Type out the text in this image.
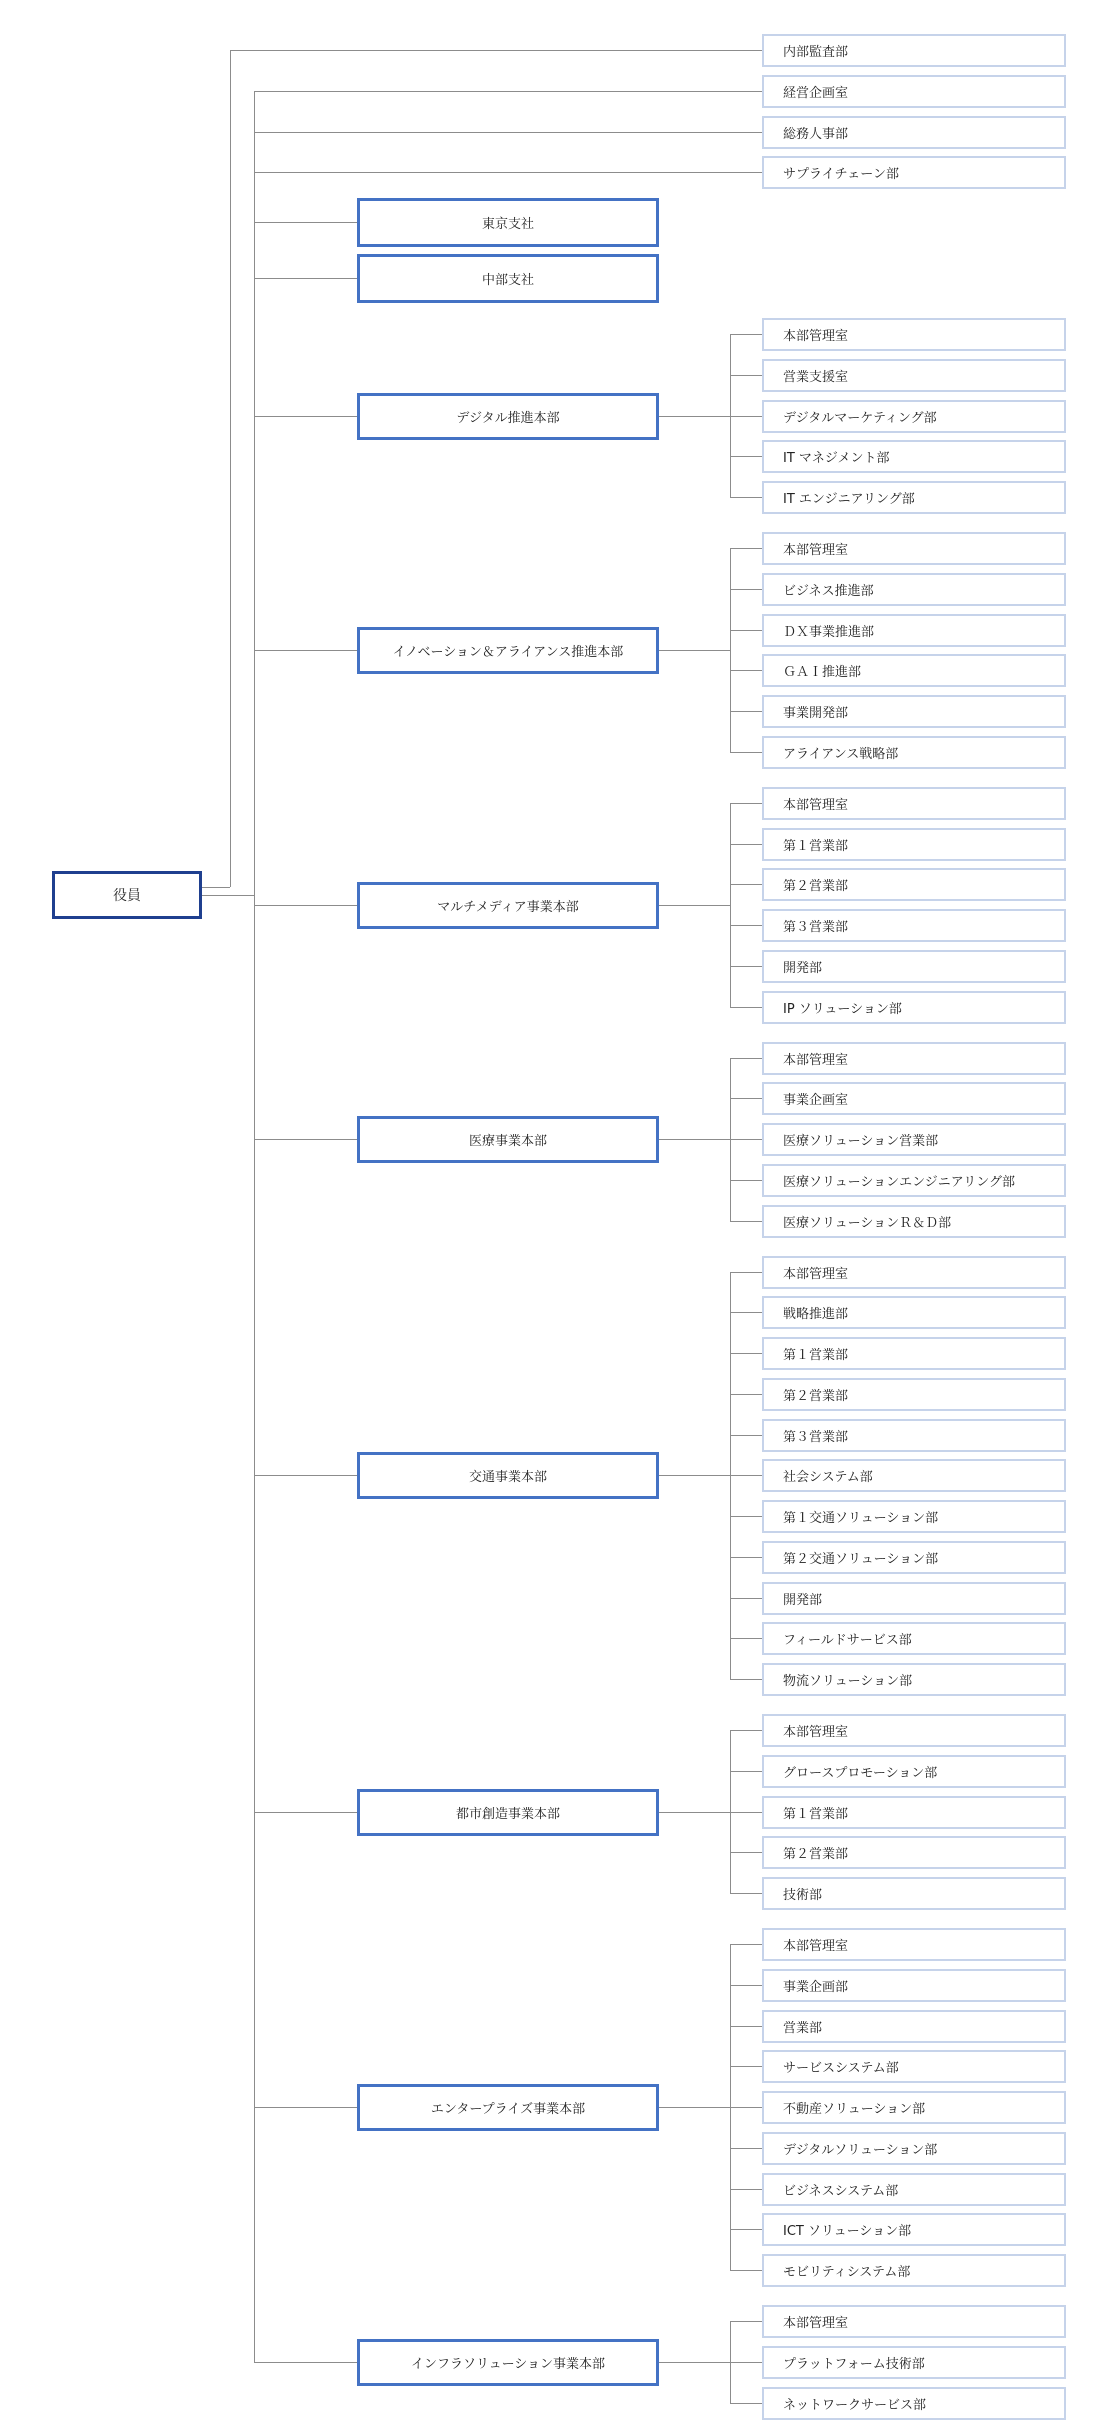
役員
内部監査部
経営企画室
総務人事部
サプライチェーン部
東京支社
中部支社
本部管理室
営業支援室
デジタルマーケティング部
IT マネジメント部
IT エンジニアリング部
デジタル推進本部
本部管理室
ビジネス推進部
ＤＸ事業推進部
ＧＡＩ推進部
事業開発部
アライアンス戦略部
イノベーション＆アライアンス推進本部
本部管理室
第１営業部
第２営業部
第３営業部
開発部
IP ソリューション部
マルチメディア事業本部
本部管理室
事業企画室
医療ソリューション営業部
医療ソリューションエンジニアリング部
医療ソリューションＲ＆Ｄ部
医療事業本部
本部管理室
戦略推進部
第１営業部
第２営業部
第３営業部
社会システム部
第１交通ソリューション部
第２交通ソリューション部
開発部
フィールドサービス部
物流ソリューション部
交通事業本部
本部管理室
グロースプロモーション部
第１営業部
第２営業部
技術部
都市創造事業本部
本部管理室
事業企画部
営業部
サービスシステム部
不動産ソリューション部
デジタルソリューション部
ビジネスシステム部
ICT ソリューション部
モビリティシステム部
エンタープライズ事業本部
本部管理室
プラットフォーム技術部
ネットワークサービス部
インフラソリューション事業本部
